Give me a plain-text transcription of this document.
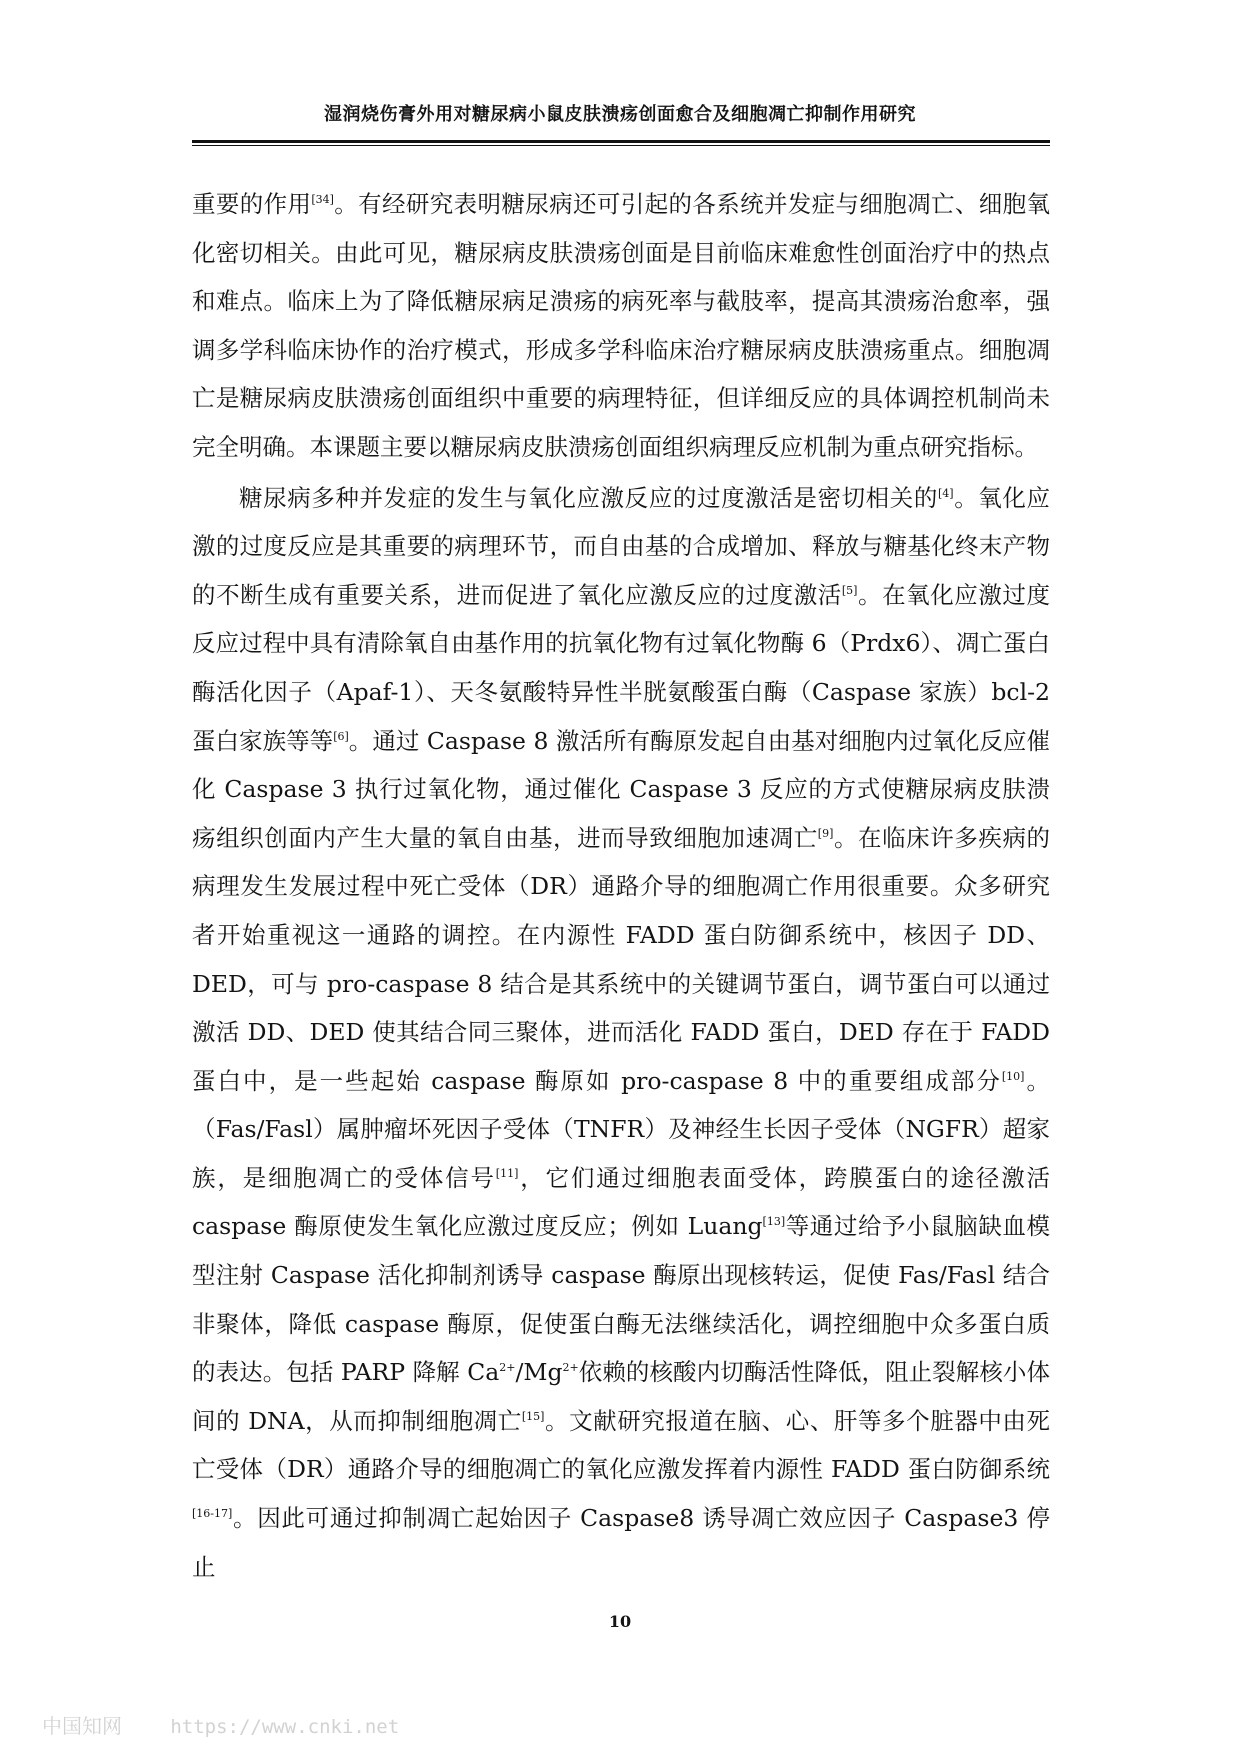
湿润烧伤膏外用对糖尿病小鼠皮肤溃疡创面愈合及细胞凋亡抑制作用研究

重要的作用[34]。有经研究表明糖尿病还可引起的各系统并发症与细胞凋亡、细胞氧化密切相关。由此可见，糖尿病皮肤溃疡创面是目前临床难愈性创面治疗中的热点和难点。临床上为了降低糖尿病足溃疡的病死率与截肢率，提高其溃疡治愈率，强调多学科临床协作的治疗模式，形成多学科临床治疗糖尿病皮肤溃疡重点。细胞凋亡是糖尿病皮肤溃疡创面组织中重要的病理特征，但详细反应的具体调控机制尚未完全明确。本课题主要以糖尿病皮肤溃疡创面组织病理反应机制为重点研究指标。

糖尿病多种并发症的发生与氧化应激反应的过度激活是密切相关的[4]。氧化应激的过度反应是其重要的病理环节，而自由基的合成增加、释放与糖基化终末产物的不断生成有重要关系，进而促进了氧化应激反应的过度激活[5]。在氧化应激过度反应过程中具有清除氧自由基作用的抗氧化物有过氧化物酶 6（Prdx6）、凋亡蛋白酶活化因子（Apaf-1）、天冬氨酸特异性半胱氨酸蛋白酶（Caspase 家族）bcl-2 蛋白家族等等[6]。通过 Caspase 8 激活所有酶原发起自由基对细胞内过氧化反应催化 Caspase 3 执行过氧化物，通过催化 Caspase 3 反应的方式使糖尿病皮肤溃疡组织创面内产生大量的氧自由基，进而导致细胞加速凋亡[9]。在临床许多疾病的病理发生发展过程中死亡受体（DR）通路介导的细胞凋亡作用很重要。众多研究者开始重视这一通路的调控。在内源性 FADD 蛋白防御系统中，核因子 DD、DED，可与 pro-caspase 8 结合是其系统中的关键调节蛋白，调节蛋白可以通过激活 DD、DED 使其结合同三聚体，进而活化 FADD 蛋白，DED 存在于 FADD 蛋白中，是一些起始 caspase 酶原如 pro-caspase 8 中的重要组成部分[10]。（Fas/Fasl）属肿瘤坏死因子受体（TNFR）及神经生长因子受体（NGFR）超家族，是细胞凋亡的受体信号[11]，它们通过细胞表面受体，跨膜蛋白的途径激活 caspase 酶原使发生氧化应激过度反应；例如 Luang[13]等通过给予小鼠脑缺血模型注射 Caspase 活化抑制剂诱导 caspase 酶原出现核转运，促使 Fas/Fasl 结合非聚体，降低 caspase 酶原，促使蛋白酶无法继续活化，调控细胞中众多蛋白质的表达。包括 PARP 降解 $Ca^{2+}/Mg^{2+}$依赖的核酸内切酶活性降低，阻止裂解核小体间的 DNA，从而抑制细胞凋亡[15]。文献研究报道在脑、心、肝等多个脏器中由死亡受体（DR）通路介导的细胞凋亡的氧化应激发挥着内源性 FADD 蛋白防御系统[16-17]。因此可通过抑制凋亡起始因子 Caspase8 诱导凋亡效应因子 Caspase3 停止

10
中国知网	https://www.cnki.net
